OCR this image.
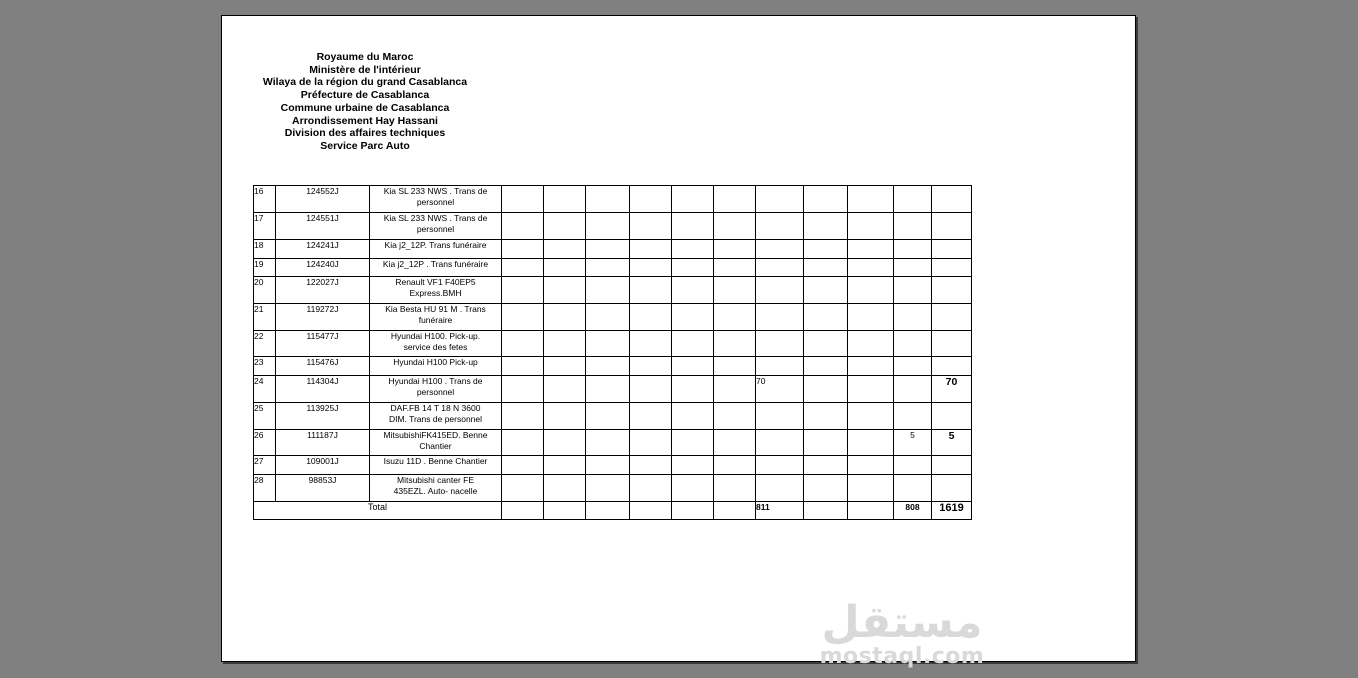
Royaume du Maroc
Ministère de l'intérieur
Wilaya de la région du grand Casablanca
Préfecture de Casablanca
Commune urbaine de Casablanca
Arrondissement Hay Hassani
Division des affaires techniques
Service Parc Auto
16	124552J	Kia SL 233 NWS . Trans de
personnel											

17	124551J	Kia SL 233 NWS . Trans de
personnel											

18	124241J	Kia j2_12P. Trans funéraire											

19	124240J	Kia j2_12P . Trans funéraire											

20	122027J	Renault VF1 F40EP5
Express.BMH											

21	119272J	Kia Besta HU 91 M . Trans
funéraire											

22	115477J	Hyundai H100. Pick-up.
service des fetes											

23	115476J	Hyundai H100 Pick-up											

24	114304J	Hyundai H100 . Trans de
personnel							70				70
25	113925J	DAF.FB 14 T 18 N 3600
DIM. Trans de personnel											

26	111187J	MitsubishiFK415ED. Benne
Chantier										5	5
27	109001J	Isuzu 11D . Benne Chantier											

28	98853J	Mitsubishi canter FE
435EZL. Auto- nacelle											

Total									811			808	1619
مستقل
mostaql.com
